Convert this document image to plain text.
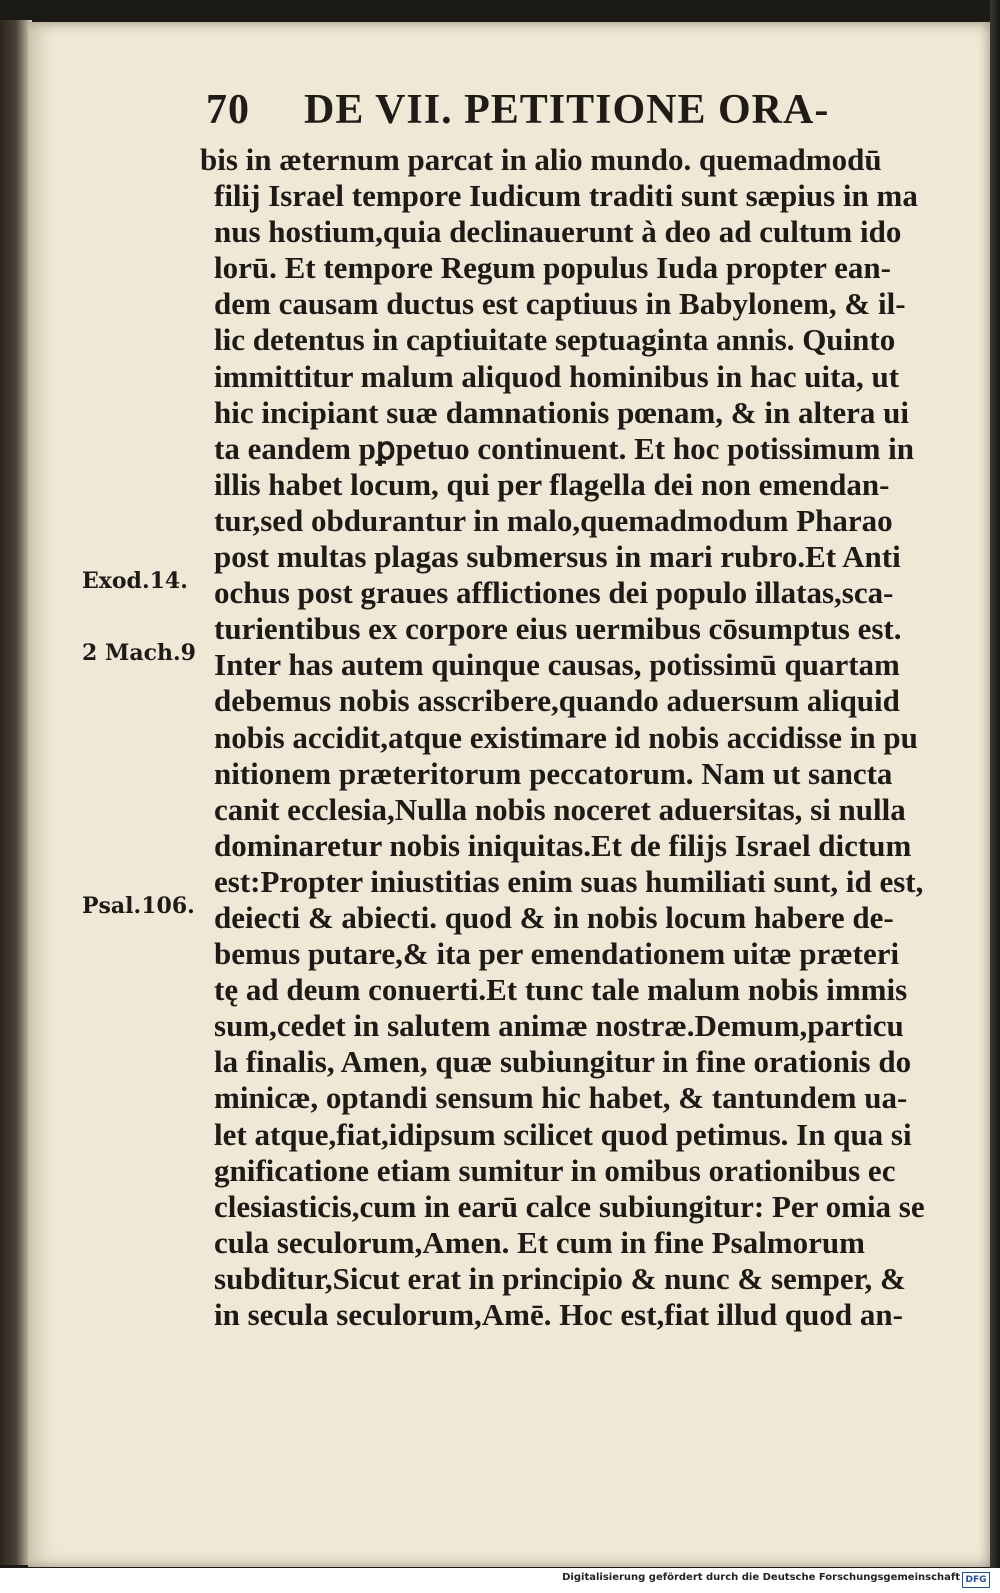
70 DE VII. PETITIONE ORA-
bis in æternum parcat in alio mundo. quemadmodū
filij Israel tempore Iudicum traditi sunt sæpius in ma
nus hostium,quia declinauerunt à deo ad cultum ido
lorū. Et tempore Regum populus Iuda propter ean-
dem causam ductus est captiuus in Babylonem, & il-
lic detentus in captiuitate septuaginta annis. Quinto
immittitur malum aliquod hominibus in hac uita, ut
hic incipiant suæ damnationis pœnam, & in altera ui
ta eandem pꝑpetuo continuent. Et hoc potissimum in
illis habet locum, qui per flagella dei non emendan-
tur,sed obdurantur in malo,quemadmodum Pharao
post multas plagas submersus in mari rubro.Et Anti
ochus post graues afflictiones dei populo illatas,sca-
turientibus ex corpore eius uermibus cōsumptus est.
Inter has autem quinque causas, potissimū quartam
debemus nobis asscribere,quando aduersum aliquid
nobis accidit,atque existimare id nobis accidisse in pu
nitionem præteritorum peccatorum. Nam ut sancta
canit ecclesia,Nulla nobis noceret aduersitas, si nulla
dominaretur nobis iniquitas.Et de filijs Israel dictum
est:Propter iniustitias enim suas humiliati sunt, id est,
deiecti & abiecti. quod & in nobis locum habere de-
bemus putare,& ita per emendationem uitæ præteri
tę ad deum conuerti.Et tunc tale malum nobis immis
sum,cedet in salutem animæ nostræ.Demum,particu
la finalis, Amen, quæ subiungitur in fine orationis do
minicæ, optandi sensum hic habet, & tantundem ua-
let atque,fiat,idipsum scilicet quod petimus. In qua si
gnificatione etiam sumitur in omibus orationibus ec
clesiasticis,cum in earū calce subiungitur: Per omia se
cula seculorum,Amen. Et cum in fine Psalmorum
subditur,Sicut erat in principio & nunc & semper, &
in secula seculorum,Amē. Hoc est,fiat illud quod an-
Exod.14.
2 Mach.9
Psal.106.
Digitalisierung gefördert durch die Deutsche Forschungsgemeinschaft DFG
